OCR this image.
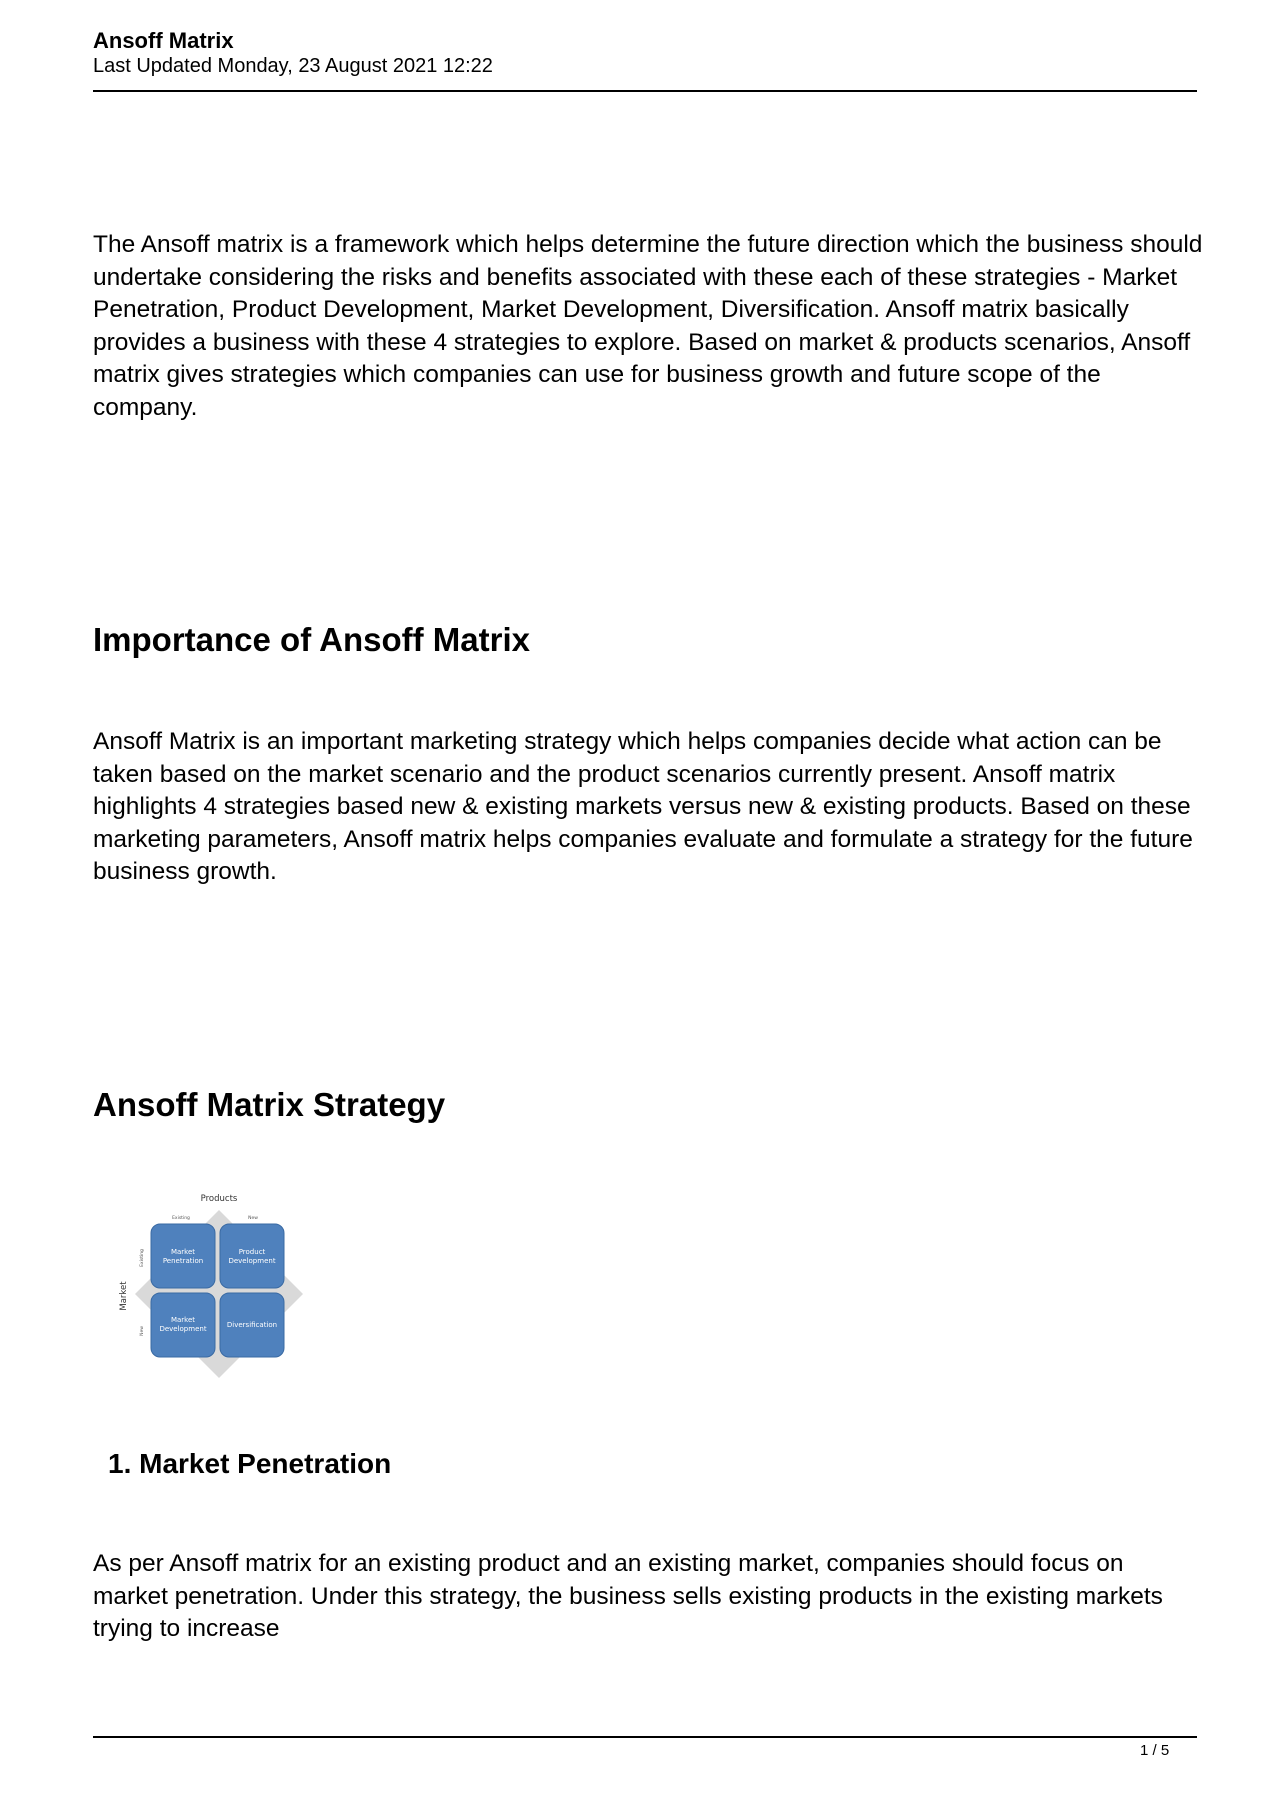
Ansoff Matrix
Last Updated Monday, 23 August 2021 12:22

The Ansoff matrix is a framework which helps determine the future direction which the business should undertake considering the risks and benefits associated with these each of these strategies - Market Penetration, Product Development, Market Development, Diversification. Ansoff matrix basically provides a business with these 4 strategies to explore. Based on market & products scenarios, Ansoff matrix gives strategies which companies can use for business growth and future scope of the company.

Importance of Ansoff Matrix

Ansoff Matrix is an important marketing strategy which helps companies decide what action can be taken based on the market scenario and the product scenarios currently present. Ansoff matrix highlights 4 strategies based new & existing markets versus new & existing products. Based on these marketing parameters, Ansoff matrix helps companies evaluate and formulate a strategy for the future business growth.

Ansoff Matrix Strategy
Products
Existing	New
Market
Existing
New
Market
Penetration
Product
Development
Market
Development	Diversification
1. Market Penetration

As per Ansoff matrix for an existing product and an existing market, companies should focus on market penetration. Under this strategy, the business sells existing products in the existing markets trying to increase

1 / 5
